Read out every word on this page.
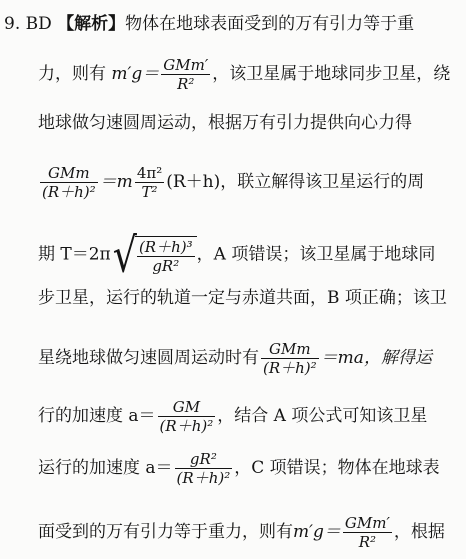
9. BD 【解析】物体在地球表面受到的万有引力等于重
力，则有 $m'g= \frac{\text{GMm′}}{\text{R²}}$ ，该卫星属于地球同步卫星，绕
地球做匀速圆周运动，根据万有引力提供向心力得
$\frac{\text{GMm}}{\text{(R＋h)²}} =m \frac{\text{4π²}}{\text{T²}} (R+h)$，联立解得该卫星运行的周
期 $T=2\pi√ \frac{\text{(R＋h)³}}{\text{gR²}}$ ，A 项错误；该卫星属于地球同
步卫星，运行的轨道一定与赤道共面，B 项正确；该卫
星绕地球做匀速圆周运动时有 $\frac{\text{GMm}}{\text{(R＋h)²}} =ma$，解得运
行的加速度 $a= \frac{GM}{\text{(R＋h)²}}$ ，结合 A 项公式可知该卫星
运行的加速度 $a= \frac{\text{gR²}}{\text{(R＋h)²}}$ ，C 项错误；物体在地球表
面受到的万有引力等于重力，则有$m'g= \frac{\text{GMm′}}{\text{R²}}$ ，根据
